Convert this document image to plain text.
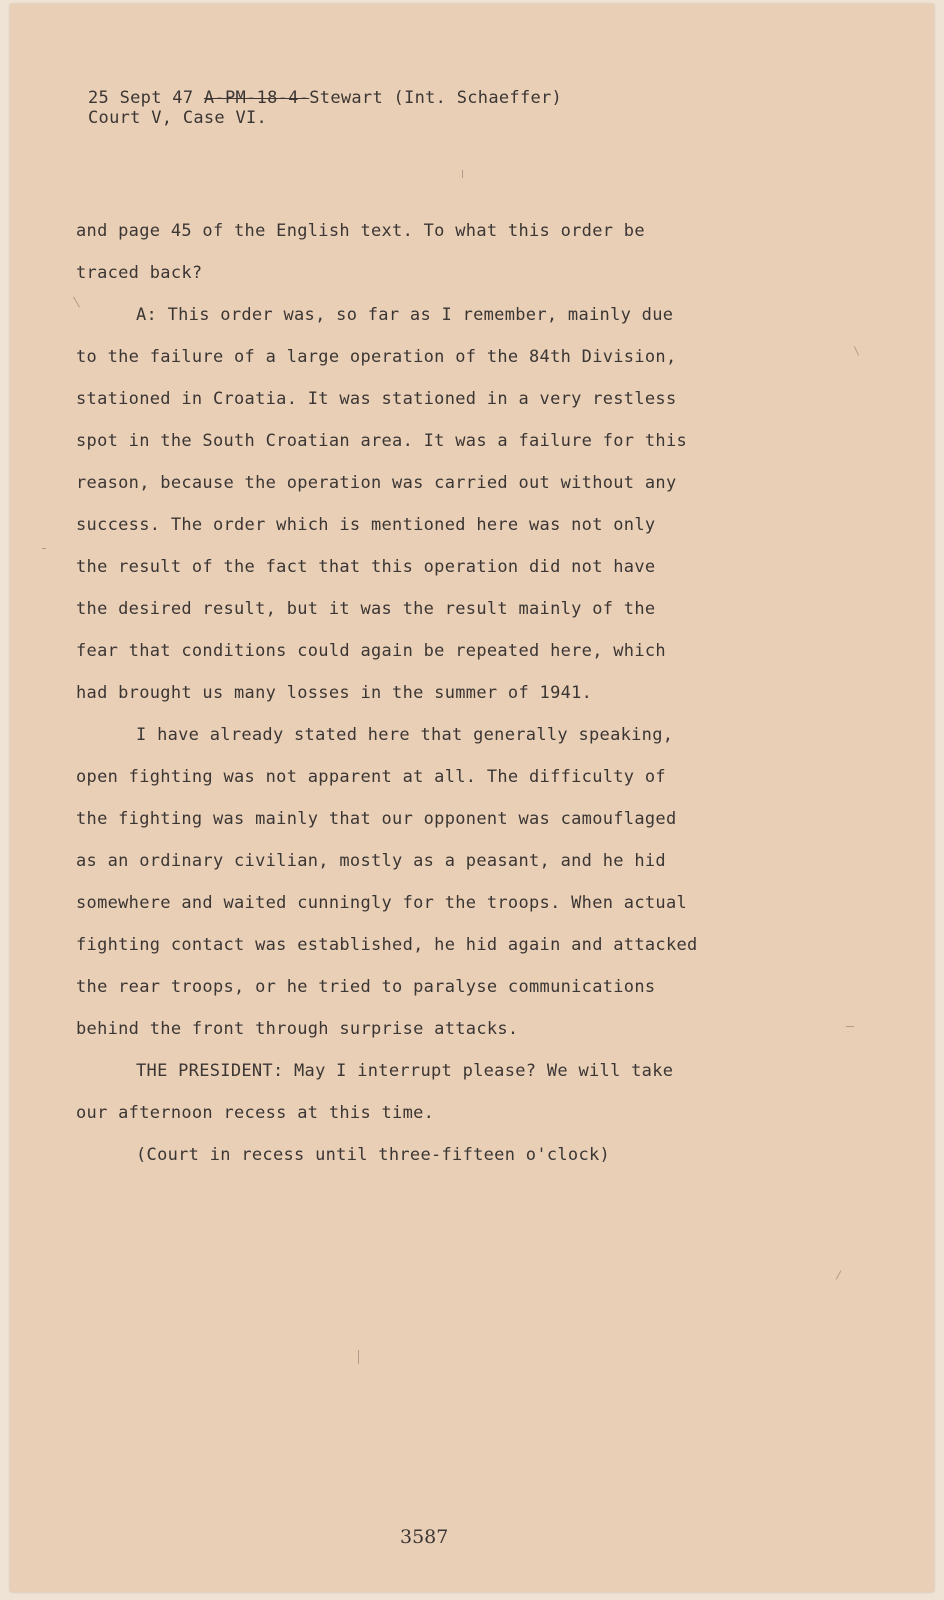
25 Sept 47 A-PM-18-4-Stewart (Int. Schaeffer)
Court V, Case VI.
and page 45 of the English text. To what this order be
traced back?
A: This order was, so far as I remember, mainly due
to the failure of a large operation of the 84th Division,
stationed in Croatia. It was stationed in a very restless
spot in the South Croatian area. It was a failure for this
reason, because the operation was carried out without any
success. The order which is mentioned here was not only
the result of the fact that this operation did not have
the desired result, but it was the result mainly of the
fear that conditions could again be repeated here, which
had brought us many losses in the summer of 1941.
I have already stated here that generally speaking,
open fighting was not apparent at all. The difficulty of
the fighting was mainly that our opponent was camouflaged
as an ordinary civilian, mostly as a peasant, and he hid
somewhere and waited cunningly for the troops. When actual
fighting contact was established, he hid again and attacked
the rear troops, or he tried to paralyse communications
behind the front through surprise attacks.
THE PRESIDENT: May I interrupt please? We will take
our afternoon recess at this time.
(Court in recess until three-fifteen o'clock)
3587
